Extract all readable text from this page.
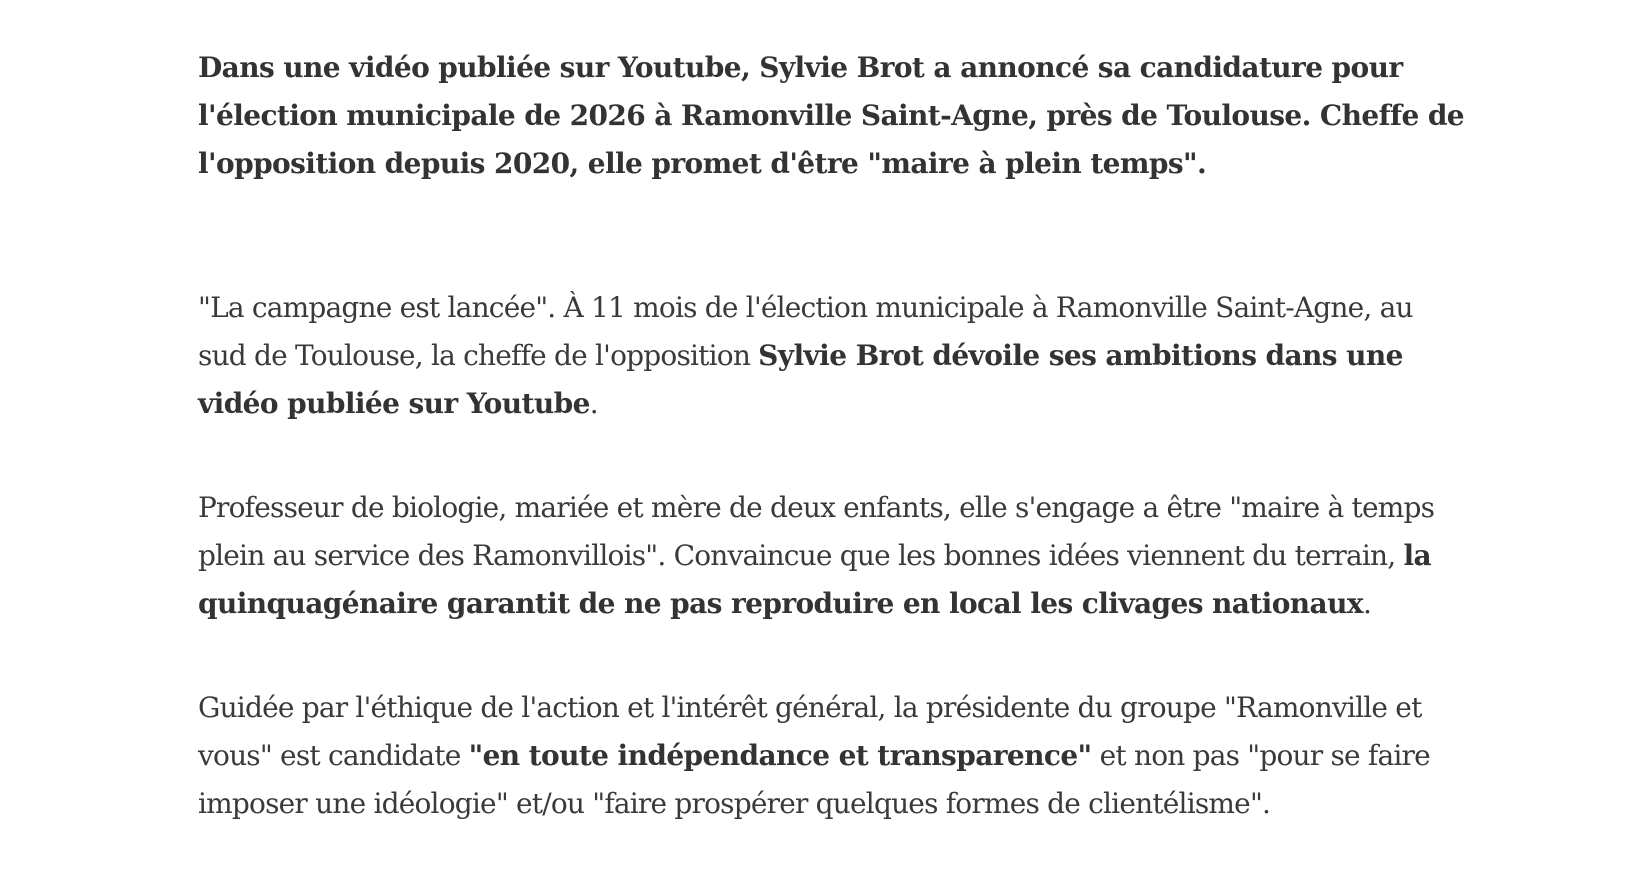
Dans une vidéo publiée sur Youtube, Sylvie Brot a annoncé sa candidature pour l'élection municipale de 2026 à Ramonville Saint-Agne, près de Toulouse. Cheffe de l'opposition depuis 2020, elle promet d'être "maire à plein temps".

"La campagne est lancée". À 11 mois de l'élection municipale à Ramonville Saint-Agne, au sud de Toulouse, la cheffe de l'opposition Sylvie Brot dévoile ses ambitions dans une vidéo publiée sur Youtube.

Professeur de biologie, mariée et mère de deux enfants, elle s'engage a être "maire à temps plein au service des Ramonvillois". Convaincue que les bonnes idées viennent du terrain, la quinquagénaire garantit de ne pas reproduire en local les clivages nationaux.

Guidée par l'éthique de l'action et l'intérêt général, la présidente du groupe "Ramonville et vous" est candidate "en toute indépendance et transparence" et non pas "pour se faire imposer une idéologie" et/ou "faire prospérer quelques formes de clientélisme".
